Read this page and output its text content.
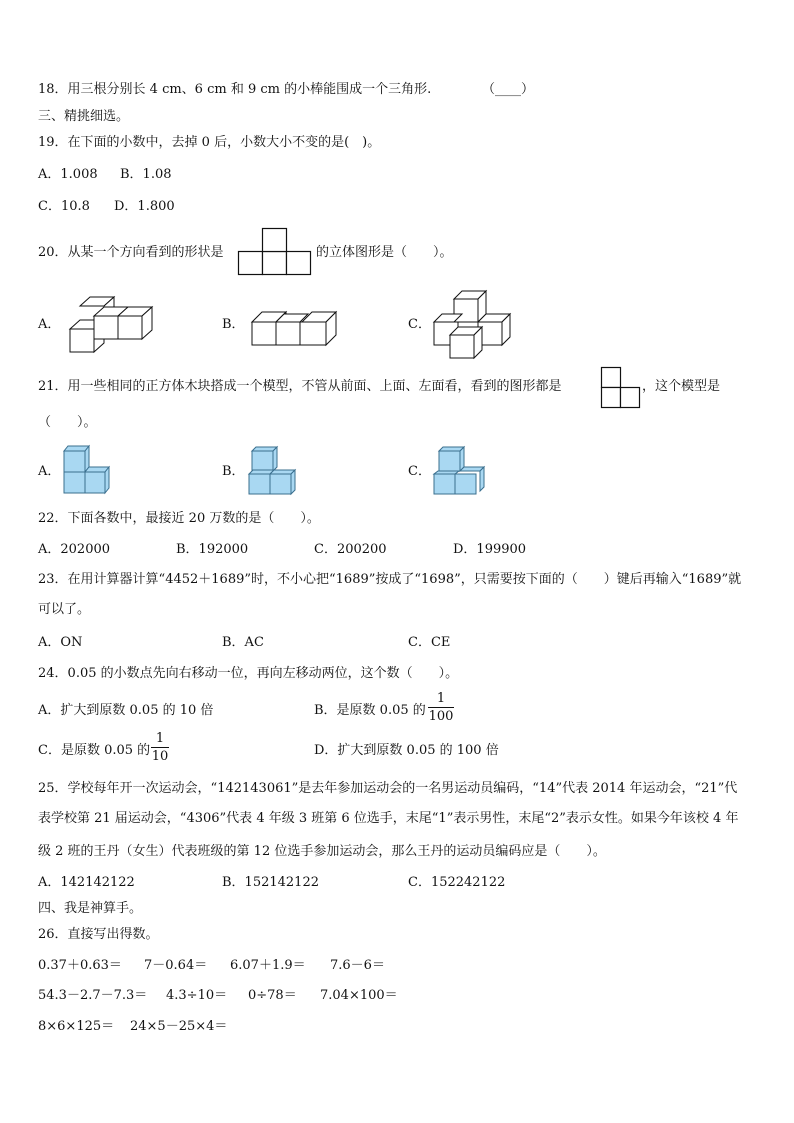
18．用三根分别长 4 cm、6 cm 和 9 cm 的小棒能围成一个三角形.	（____）
三、精挑细选。
19．在下面的小数中，去掉 0 后，小数大小不变的是(　)。
A．1.008 B．1.08
C．10.8 D．1.800
20．从某一个方向看到的形状是	的立体图形是（　　）。
A．	B．	C．
21．用一些相同的正方体木块搭成一个模型，不管从前面、上面、左面看，看到的图形都是	，这个模型是
（　　）。
A．	B．	C．
22．下面各数中，最接近 20 万数的是（　　）。
A．202000	B．192000	C．200200	D．199900
23．在用计算器计算“4452＋1689”时，不小心把“1689”按成了“1698”，只需要按下面的（　　）键后再输入“1689”就
可以了。
A．ON	B．AC	C．CE
24．0.05 的小数点先向右移动一位，再向左移动两位，这个数（　　）。
A．扩大到原数 0.05 的 10 倍	B．是原数 0.05 的
1
100
C．是原数 0.05 的
1
10	D．扩大到原数 0.05 的 100 倍
25．学校每年开一次运动会，“142143061”是去年参加运动会的一名男运动员编码，“14”代表 2014 年运动会，“21”代
表学校第 21 届运动会，“4306”代表 4 年级 3 班第 6 位选手，末尾“1”表示男性，末尾“2”表示女性。如果今年该校 4 年
级 2 班的王丹（女生）代表班级的第 12 位选手参加运动会，那么王丹的运动员编码应是（　　）。
A．142142122	B．152142122	C．152242122
四、我是神算手。
26．直接写出得数。
0.37＋0.63＝ 7－0.64＝ 6.07＋1.9＝ 7.6－6＝
54.3－2.7－7.3＝ 4.3÷10＝ 0÷78＝ 7.04×100＝
8×6×125＝ 24×5－25×4＝
